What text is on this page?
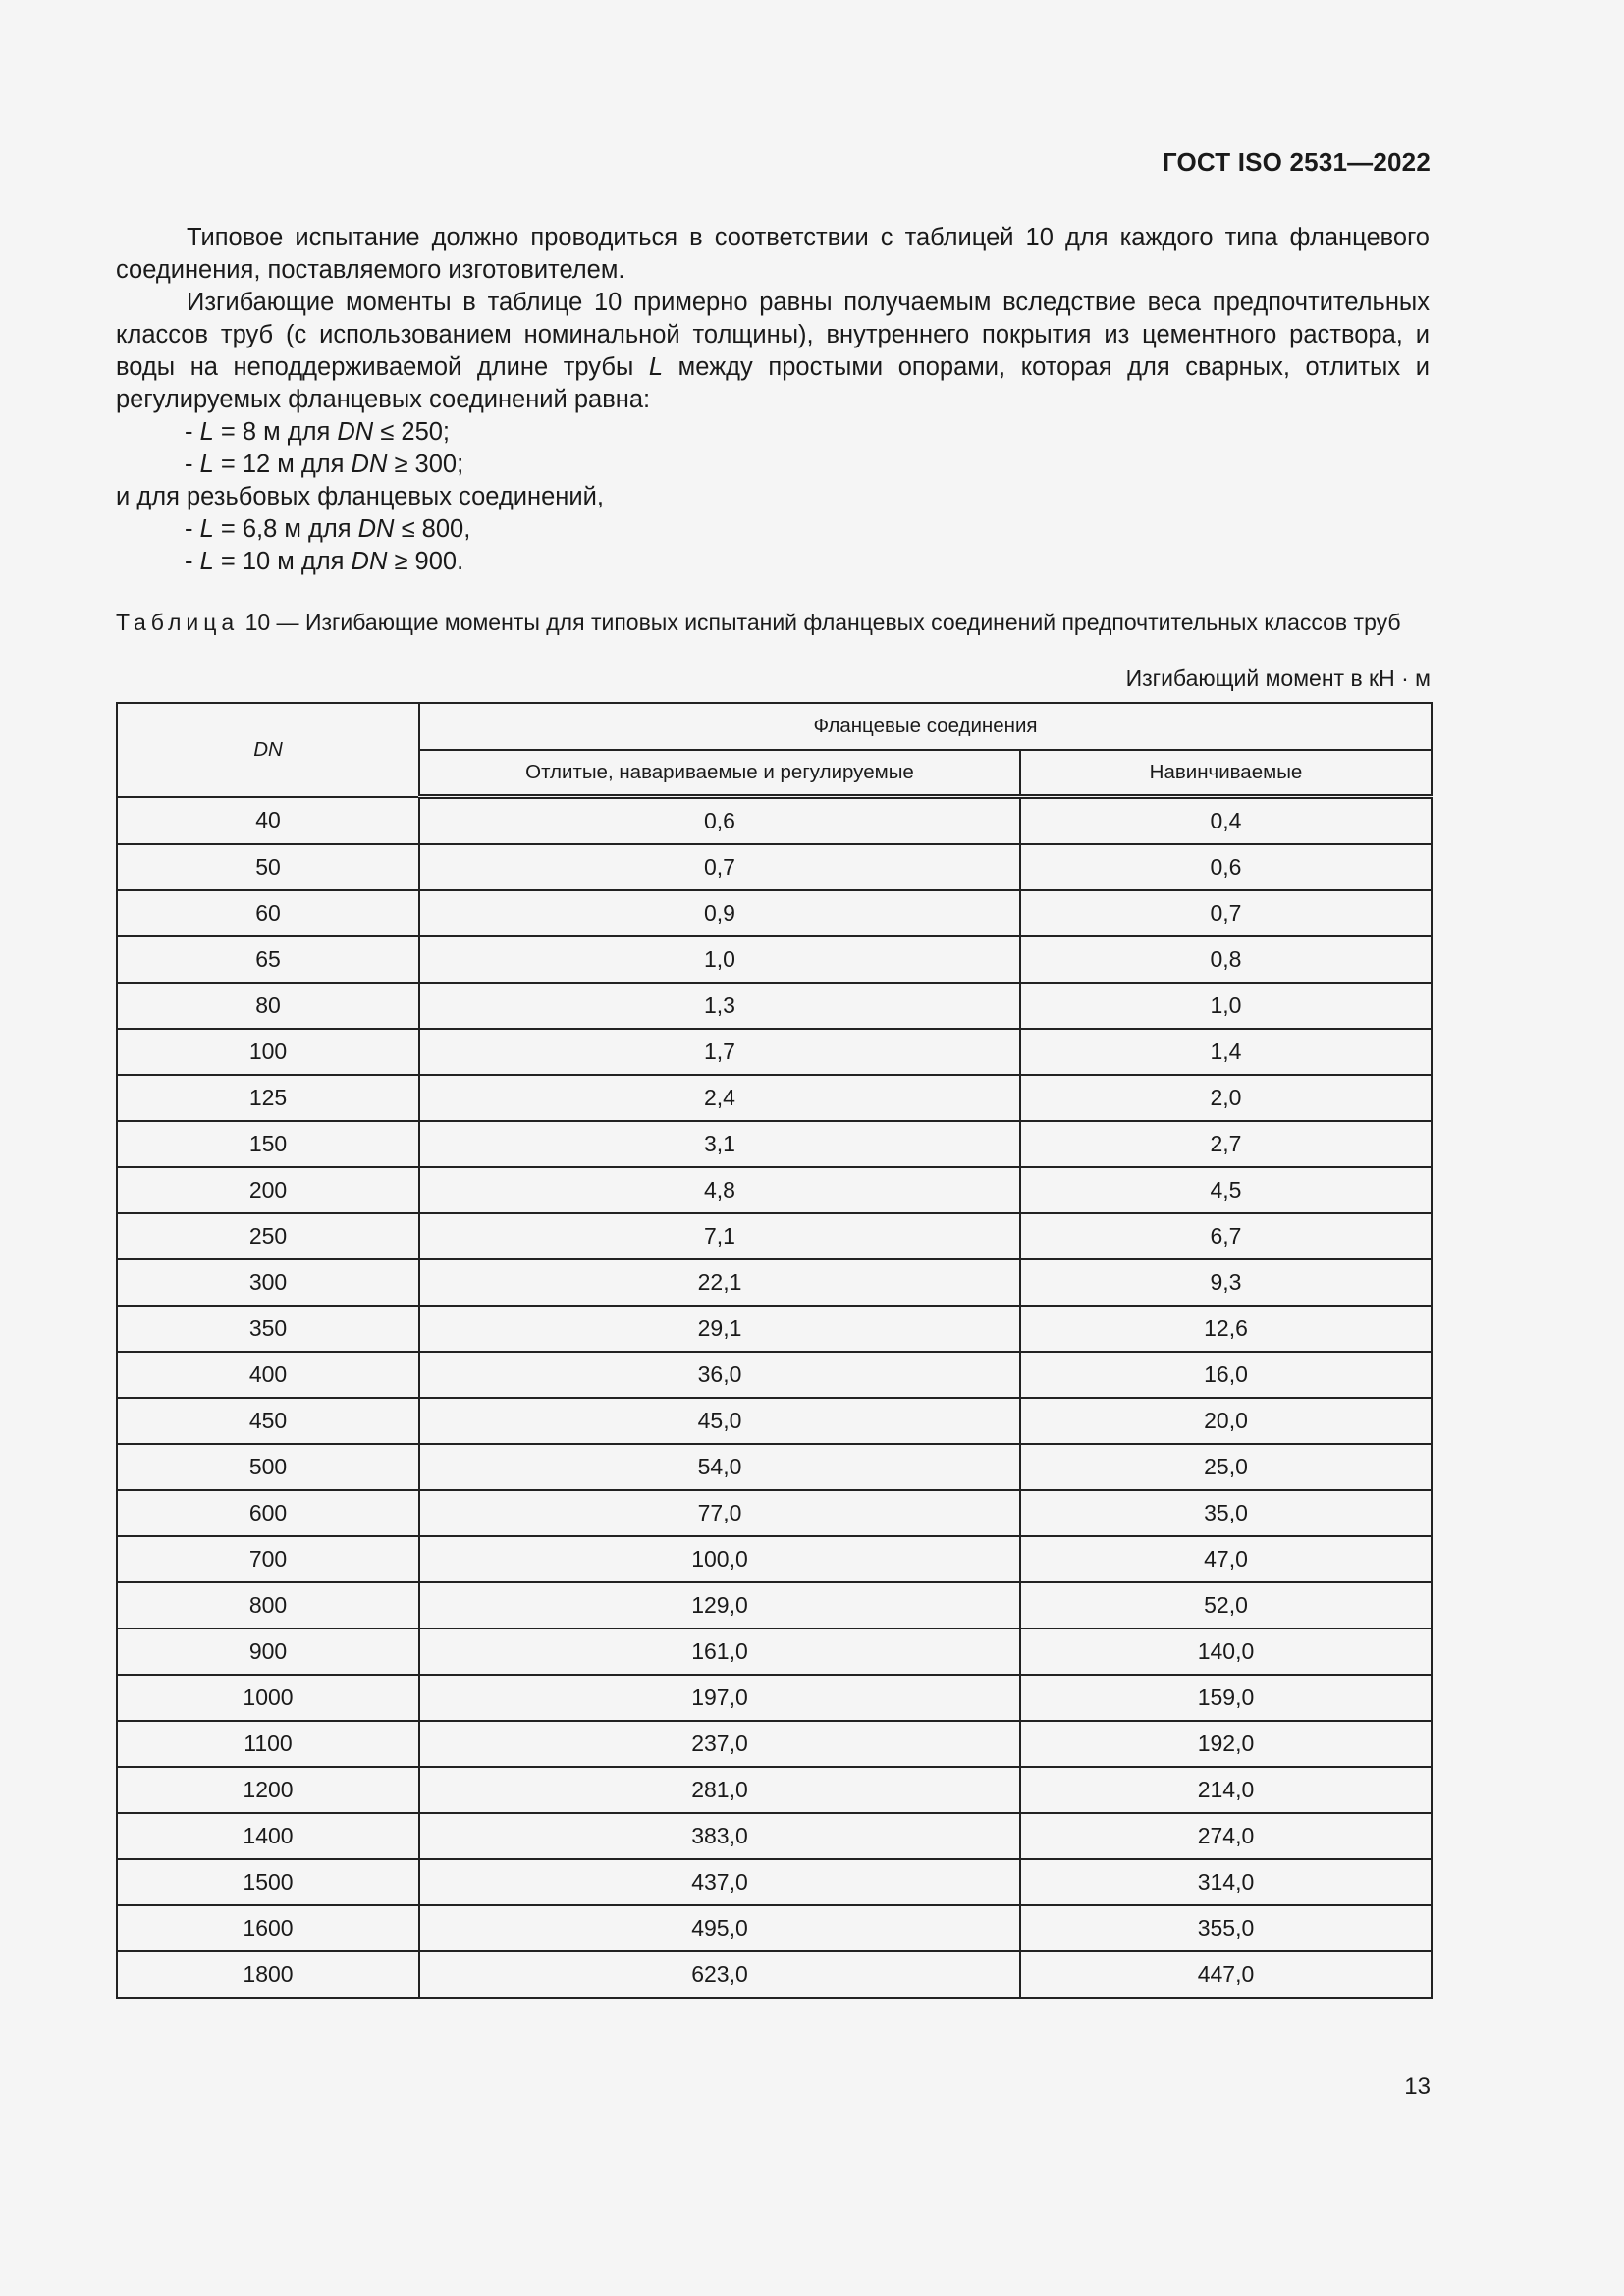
ГОСТ ISO 2531—2022

Типовое испытание должно проводиться в соответствии с таблицей 10 для каждого типа фланцевого соединения, поставляемого изготовителем.

Изгибающие моменты в таблице 10 примерно равны получаемым вследствие веса предпочтительных классов труб (с использованием номинальной толщины), внутреннего покрытия из цементного раствора, и воды на неподдерживаемой длине трубы L между простыми опорами, которая для сварных, отлитых и регулируемых фланцевых соединений равна:

- L = 8 м для DN ≤ 250;

- L = 12 м для DN ≥ 300;

и для резьбовых фланцевых соединений,

- L = 6,8 м для DN ≤ 800,

- L = 10 м для DN ≥ 900.

Таблица 10 — Изгибающие моменты для типовых испытаний фланцевых соединений предпочтительных классов труб
Изгибающий момент в кН · м
DN	Фланцевые соединения	
	Отлитые, навариваемые и регулируемые	Навинчиваемые
40	0,6	0,4
50	0,7	0,6
60	0,9	0,7
65	1,0	0,8
80	1,3	1,0
100	1,7	1,4
125	2,4	2,0
150	3,1	2,7
200	4,8	4,5
250	7,1	6,7
300	22,1	9,3
350	29,1	12,6
400	36,0	16,0
450	45,0	20,0
500	54,0	25,0
600	77,0	35,0
700	100,0	47,0
800	129,0	52,0
900	161,0	140,0
1000	197,0	159,0
1100	237,0	192,0
1200	281,0	214,0
1400	383,0	274,0
1500	437,0	314,0
1600	495,0	355,0
1800	623,0	447,0
13
